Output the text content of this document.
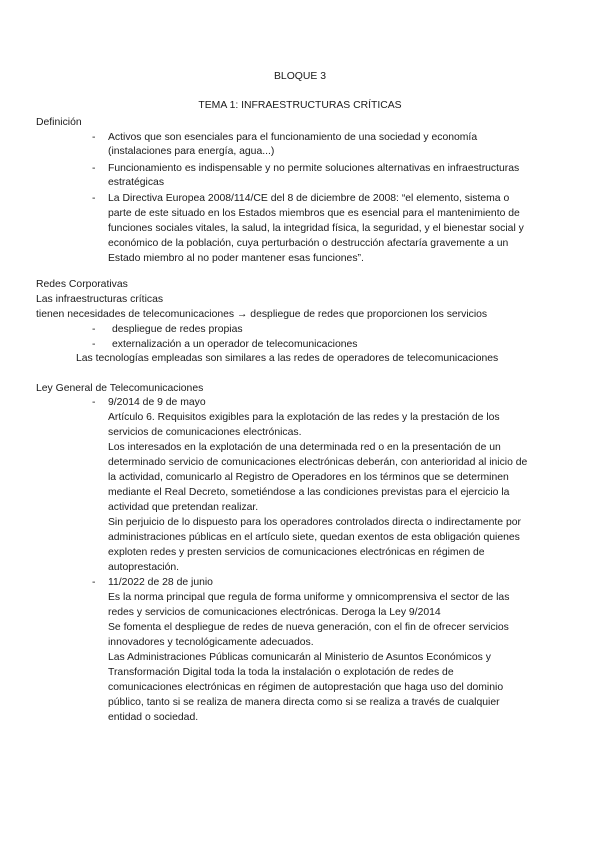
BLOQUE 3
TEMA 1: INFRAESTRUCTURAS CRÍTICAS
Definición
- Activos que son esenciales para el funcionamiento de una sociedad y economía
(instalaciones para energía, agua...)
- Funcionamiento es indispensable y no permite soluciones alternativas en infraestructuras
estratégicas
- La Directiva Europea 2008/114/CE del 8 de diciembre de 2008: “el elemento, sistema o
parte de este situado en los Estados miembros que es esencial para el mantenimiento de
funciones sociales vitales, la salud, la integridad física, la seguridad, y el bienestar social y
económico de la población, cuya perturbación o destrucción afectaría gravemente a un
Estado miembro al no poder mantener esas funciones”.
Redes Corporativas
Las infraestructuras críticas
tienen necesidades de telecomunicaciones → despliegue de redes que proporcionen los servicios
- despliegue de redes propias
- externalización a un operador de telecomunicaciones
Las tecnologías empleadas son similares a las redes de operadores de telecomunicaciones
Ley General de Telecomunicaciones
- 9/2014 de 9 de mayo
Artículo 6. Requisitos exigibles para la explotación de las redes y la prestación de los
servicios de comunicaciones electrónicas.
Los interesados en la explotación de una determinada red o en la presentación de un
determinado servicio de comunicaciones electrónicas deberán, con anterioridad al inicio de
la actividad, comunicarlo al Registro de Operadores en los términos que se determinen
mediante el Real Decreto, sometiéndose a las condiciones previstas para el ejercicio la
actividad que pretendan realizar.
Sin perjuicio de lo dispuesto para los operadores controlados directa o indirectamente por
administraciones públicas en el artículo siete, quedan exentos de esta obligación quienes
exploten redes y presten servicios de comunicaciones electrónicas en régimen de
autoprestación.
- 11/2022 de 28 de junio
Es la norma principal que regula de forma uniforme y omnicomprensiva el sector de las
redes y servicios de comunicaciones electrónicas. Deroga la Ley 9/2014
Se fomenta el despliegue de redes de nueva generación, con el fin de ofrecer servicios
innovadores y tecnológicamente adecuados.
Las Administraciones Públicas comunicarán al Ministerio de Asuntos Económicos y
Transformación Digital toda la toda la instalación o explotación de redes de
comunicaciones electrónicas en régimen de autoprestación que haga uso del dominio
público, tanto si se realiza de manera directa como si se realiza a través de cualquier
entidad o sociedad.
